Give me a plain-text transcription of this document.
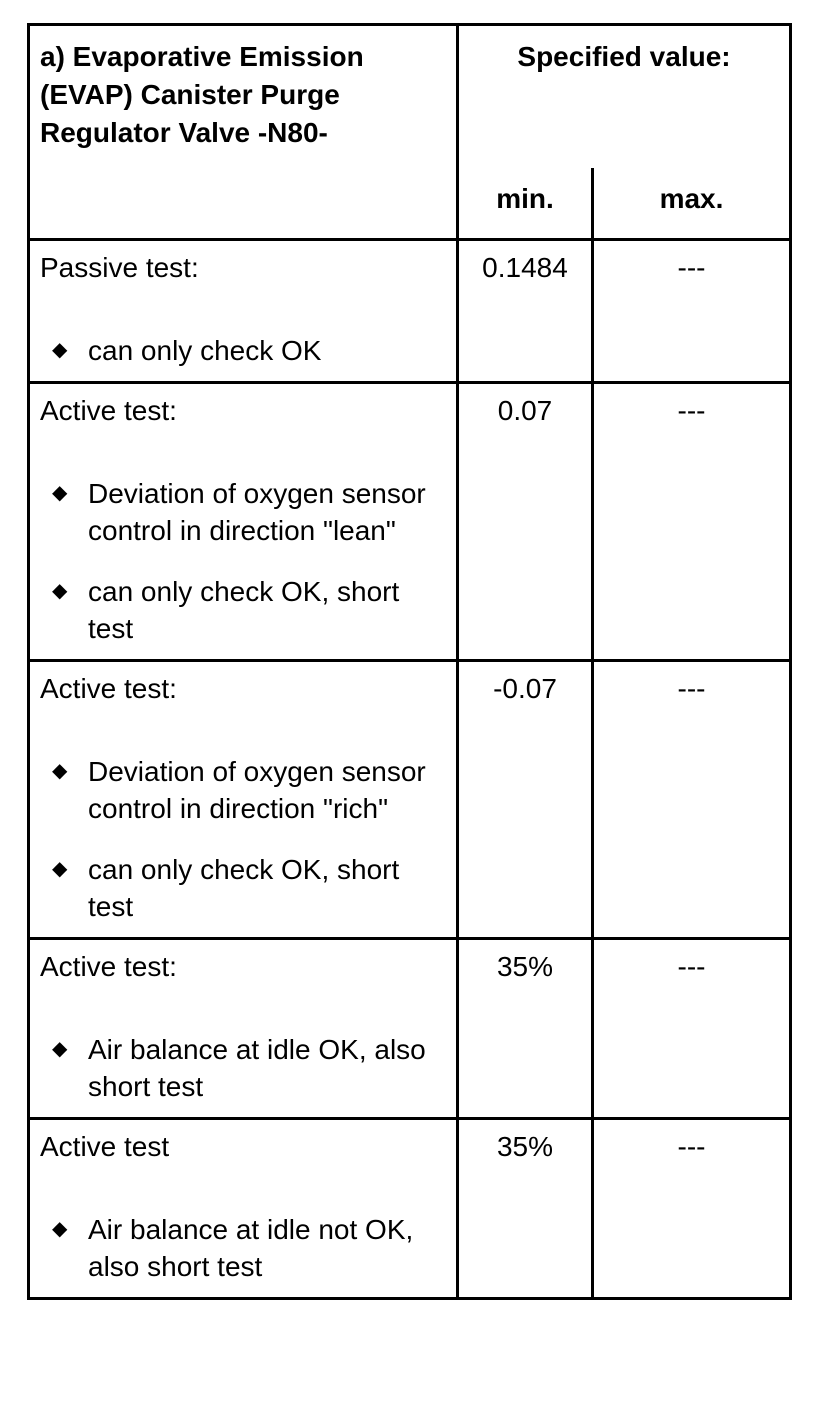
a) Evaporative Emission (EVAP) Canister Purge Regulator Valve -N80-	Specified value:	
	min.	max.

Passive test:
◆ can only check OK	0.1484	---

Active test:
◆ Deviation of oxygen sensor control in direction "lean"
◆ can only check OK, short test	0.07	---

Active test:
◆ Deviation of oxygen sensor control in direction "rich"
◆ can only check OK, short test	-0.07	---

Active test:
◆ Air balance at idle OK, also short test	35%	---

Active test
◆ Air balance at idle not OK, also short test	35%	---
